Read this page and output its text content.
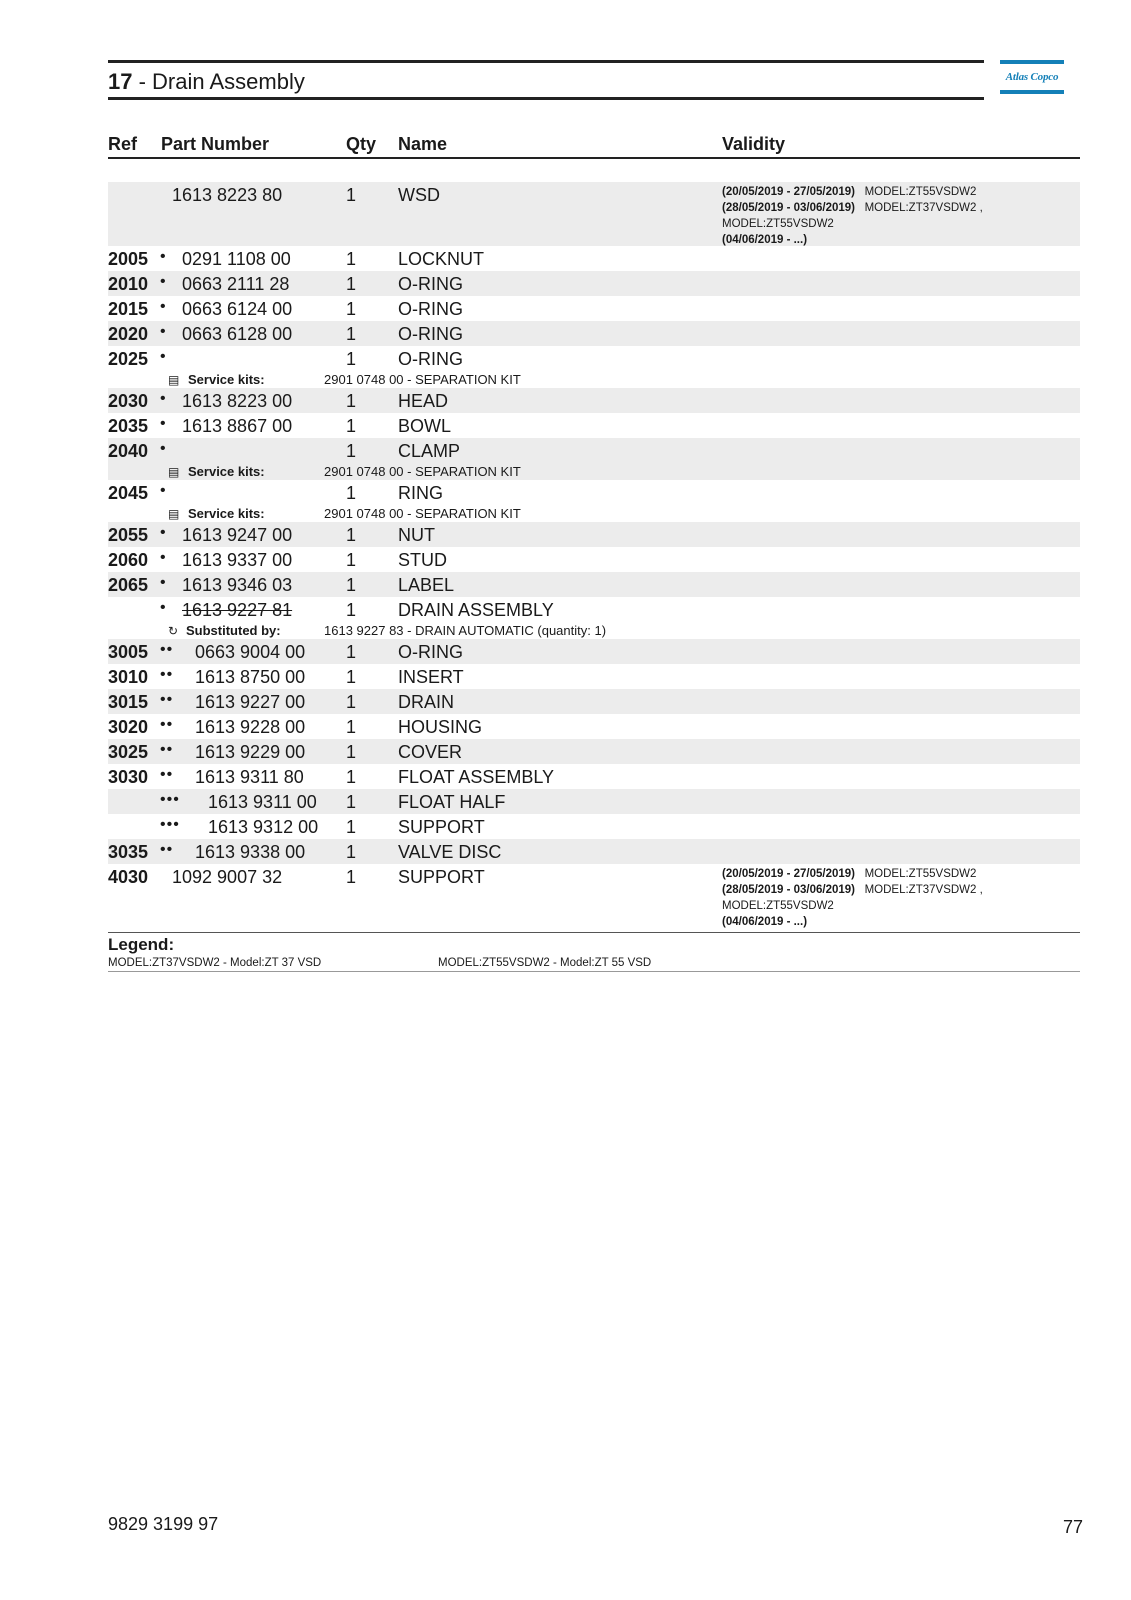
17 - Drain Assembly	Atlas Copco
Ref Part Number	Qty Name	Validity
1613 8223 80	1 WSD	(20/05/2019 - 27/05/2019) MODEL:ZT55VSDW2
(28/05/2019 - 03/06/2019) MODEL:ZT37VSDW2 ,
MODEL:ZT55VSDW2
(04/06/2019 - ...)
2005 • 0291 1108 00	1 LOCKNUT
2010 • 0663 2111 28	1 O-RING
2015 • 0663 6124 00	1 O-RING
2020 • 0663 6128 00	1 O-RING
2025 •	1 O-RING
▤ Service kits:	2901 0748 00 - SEPARATION KIT
2030 • 1613 8223 00	1 HEAD
2035 • 1613 8867 00	1 BOWL
2040 •	1 CLAMP
▤ Service kits:	2901 0748 00 - SEPARATION KIT
2045 •	1 RING
▤ Service kits:	2901 0748 00 - SEPARATION KIT
2055 • 1613 9247 00	1 NUT
2060 • 1613 9337 00	1 STUD
2065 • 1613 9346 03	1 LABEL
• 1613 9227 81	1 DRAIN ASSEMBLY
↻ Substituted by:	1613 9227 83 - DRAIN AUTOMATIC (quantity: 1)
3005 •• 0663 9004 00 1 O-RING
3010 •• 1613 8750 00 1 INSERT
3015 •• 1613 9227 00 1 DRAIN
3020 •• 1613 9228 00 1 HOUSING
3025 •• 1613 9229 00 1 COVER
3030 •• 1613 9311 80 1 FLOAT ASSEMBLY
••• 1613 9311 00 1 FLOAT HALF
••• 1613 9312 00 1 SUPPORT
3035 •• 1613 9338 00 1 VALVE DISC
4030 1092 9007 32	1 SUPPORT	(20/05/2019 - 27/05/2019) MODEL:ZT55VSDW2
(28/05/2019 - 03/06/2019) MODEL:ZT37VSDW2 ,
MODEL:ZT55VSDW2
(04/06/2019 - ...)
Legend:
MODEL:ZT37VSDW2 - Model:ZT 37 VSD	MODEL:ZT55VSDW2 - Model:ZT 55 VSD
9829 3199 97	77
